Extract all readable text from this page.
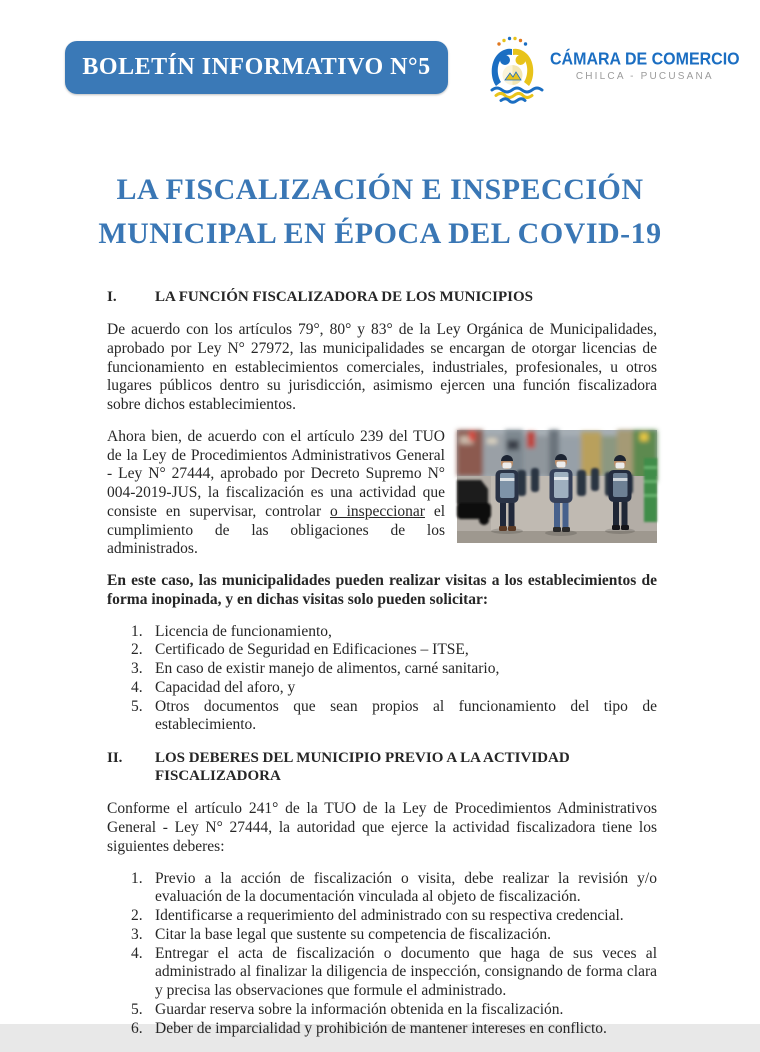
BOLETÍN INFORMATIVO N°5	CÁMARA DE COMERCIO
CHILCA - PUCUSANA
LA FISCALIZACIÓN E INSPECCIÓN
MUNICIPAL EN ÉPOCA DEL COVID-19
I.	LA FUNCIÓN FISCALIZADORA DE LOS MUNICIPIOS

De acuerdo con los artículos 79°, 80° y 83° de la Ley Orgánica de Municipalidades, aprobado por Ley N° 27972, las municipalidades se encargan de otorgar licencias de funcionamiento en establecimientos comerciales, industriales, profesionales, u otros lugares públicos dentro su jurisdicción, asimismo ejercen una función fiscalizadora sobre dichos establecimientos.

Ahora bien, de acuerdo con el artículo 239 del TUO de la Ley de Procedimientos Administrativos General - Ley N° 27444, aprobado por Decreto Supremo N° 004-2019-JUS, la fiscalización es una actividad que consiste en supervisar, controlar o inspeccionar el cumplimiento de las obligaciones de los administrados.

En este caso, las municipalidades pueden realizar visitas a los establecimientos de forma inopinada, y en dichas visitas solo pueden solicitar:

1. Licencia de funcionamiento,
2. Certificado de Seguridad en Edificaciones – ITSE,
3. En caso de existir manejo de alimentos, carné sanitario,
4. Capacidad del aforo, y
5. Otros documentos que sean propios al funcionamiento del tipo de establecimiento.
II. LOS DEBERES DEL MUNICIPIO PREVIO A LA ACTIVIDAD FISCALIZADORA

Conforme el artículo 241° de la TUO de la Ley de Procedimientos Administrativos General - Ley N° 27444, la autoridad que ejerce la actividad fiscalizadora tiene los siguientes deberes:

1. Previo a la acción de fiscalización o visita, debe realizar la revisión y/o evaluación de la documentación vinculada al objeto de fiscalización.
2. Identificarse a requerimiento del administrado con su respectiva credencial.
3. Citar la base legal que sustente su competencia de fiscalización.
4. Entregar el acta de fiscalización o documento que haga de sus veces al administrado al finalizar la diligencia de inspección, consignando de forma clara y precisa las observaciones que formule el administrado.
5. Guardar reserva sobre la información obtenida en la fiscalización.
6. Deber de imparcialidad y prohibición de mantener intereses en conflicto.
